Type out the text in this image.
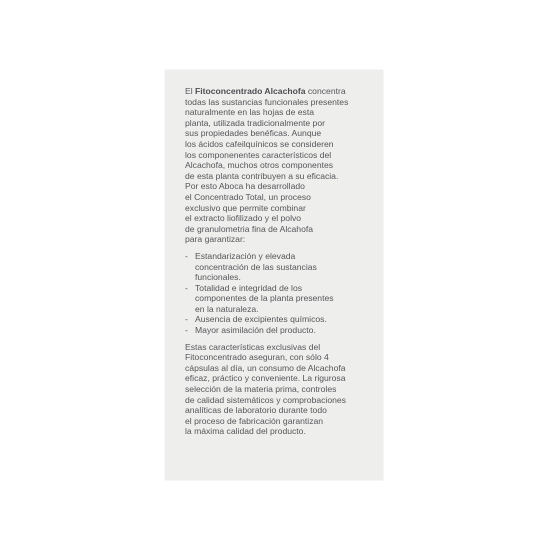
El Fitoconcentrado Alcachofa concentra

todas las sustancias funcionales presentes

naturalmente en las hojas de esta

planta, utilizada tradicionalmente por

sus propiedades benéficas. Aunque

los ácidos cafeilquínicos se consideren

los componenentes característicos del

Alcachofa, muchos otros componentes

de esta planta contribuyen a su eficacia.

Por esto Aboca ha desarrollado

el Concentrado Total, un proceso

exclusivo que permite combinar

el extracto liofilizado y el polvo

de granulometria fina de Alcahofa

para garantizar:

- Estandarización y elevada
concentración de las sustancias
funcionales.
- Totalidad e integridad de los
componentes de la planta presentes
en la naturaleza.
- Ausencia de excipientes químicos.
- Mayor asimilación del producto.

Estas características exclusivas del

Fitoconcentrado aseguran, con sólo 4

cápsulas al día, un consumo de Alcachofa

eficaz, práctico y conveniente. La rigurosa

selección de la materia prima, controles

de calidad sistemáticos y comprobaciones

analíticas de laboratorio durante todo

el proceso de fabricación garantizan

la máxima calidad del producto.
